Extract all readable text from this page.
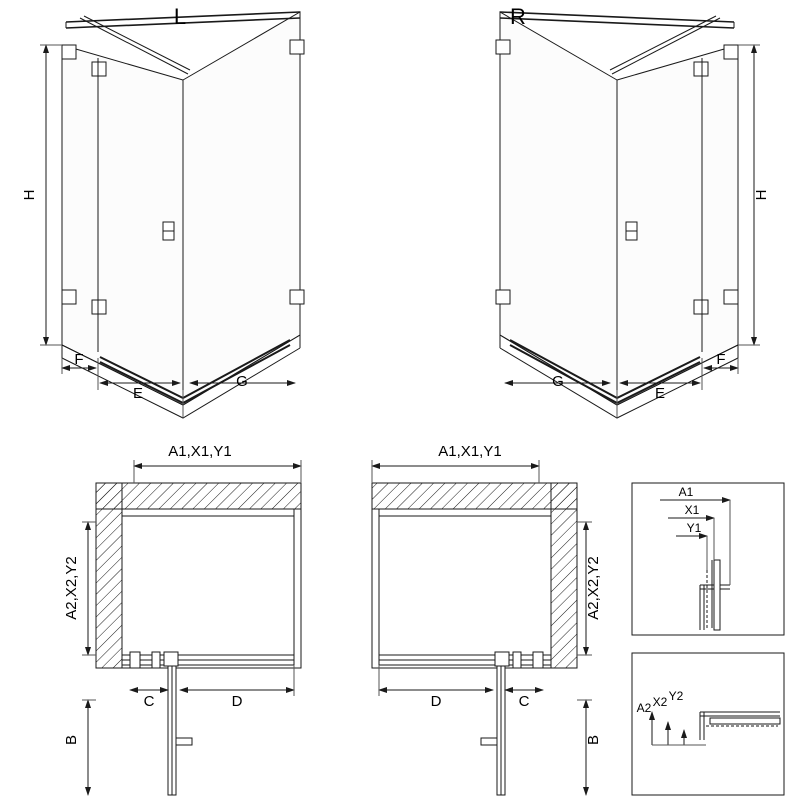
L
H
F
E
G
R
H
F
E
G
A1,X1,Y1
A2,X2,Y2
C	D
B
A1,X1,Y1
A2,X2,Y2
C
D
B
A1
X1
Y1
A2 X2 Y2
